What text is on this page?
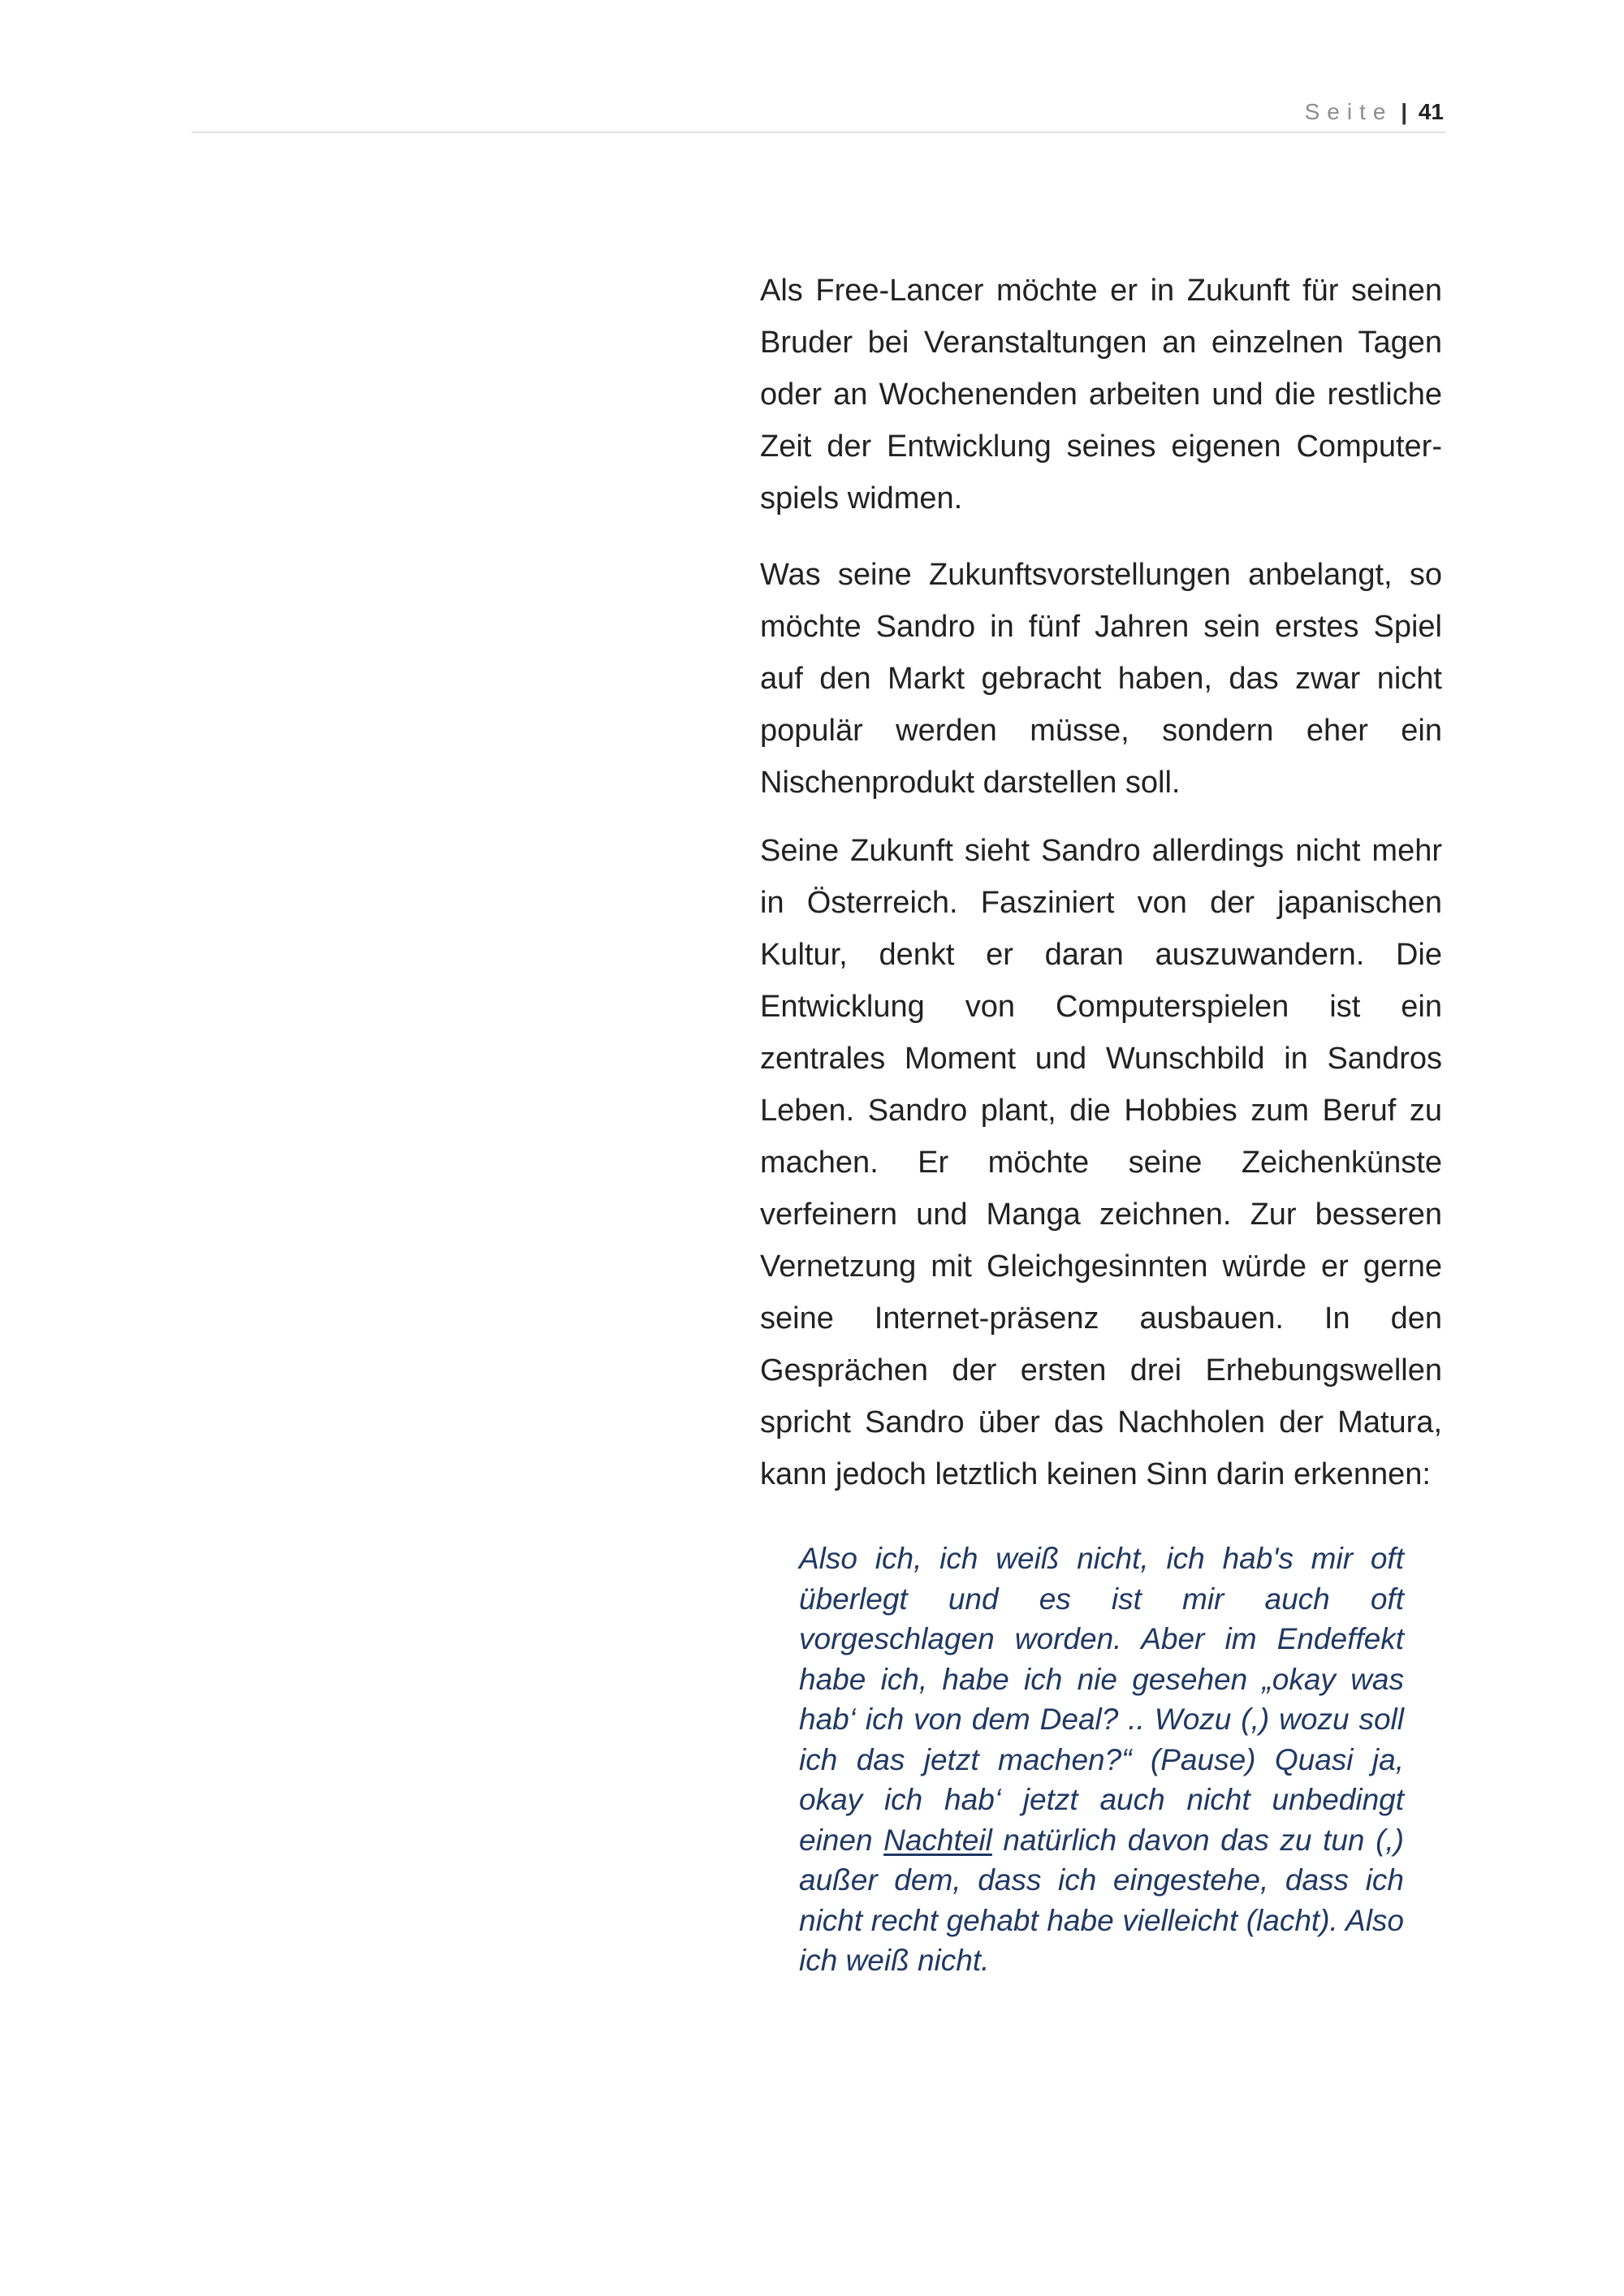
Seite | 41

Als Free-Lancer möchte er in Zukunft für seinen Bruder bei Veranstaltungen an einzelnen Tagen oder an Wochenenden arbeiten und die restliche Zeit der Entwicklung seines eigenen Computer-spiels widmen.

Was seine Zukunftsvorstellungen anbelangt, so möchte Sandro in fünf Jahren sein erstes Spiel auf den Markt gebracht haben, das zwar nicht populär werden müsse, sondern eher ein Nischenprodukt darstellen soll.

Seine Zukunft sieht Sandro allerdings nicht mehr in Österreich. Fasziniert von der japanischen Kultur, denkt er daran auszuwandern. Die Entwicklung von Computerspielen ist ein zentrales Moment und Wunschbild in Sandros Leben. Sandro plant, die Hobbies zum Beruf zu machen. Er möchte seine Zeichenkünste verfeinern und Manga zeichnen. Zur besseren Vernetzung mit Gleichgesinnten würde er gerne seine Internet-präsenz ausbauen. In den Gesprächen der ersten drei Erhebungswellen spricht Sandro über das Nachholen der Matura, kann jedoch letztlich keinen Sinn darin erkennen:

Also ich, ich weiß nicht, ich hab's mir oft überlegt und es ist mir auch oft vorgeschlagen worden. Aber im Endeffekt habe ich, habe ich nie gesehen „okay was hab‘ ich von dem Deal? .. Wozu (,) wozu soll ich das jetzt machen?“ (Pause) Quasi ja, okay ich hab‘ jetzt auch nicht unbedingt einen Nachteil natürlich davon das zu tun (,) außer dem, dass ich eingestehe, dass ich nicht recht gehabt habe vielleicht (lacht). Also ich weiß nicht.
